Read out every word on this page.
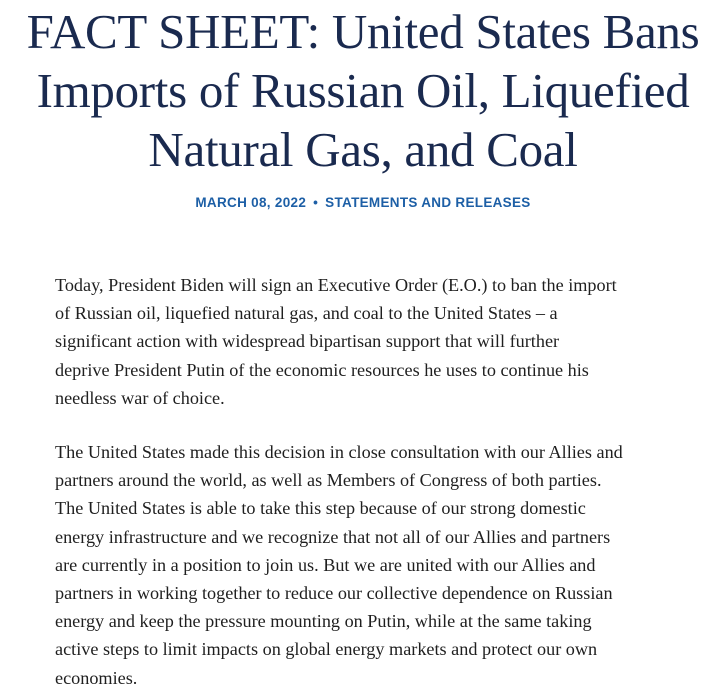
FACT SHEET: United States Bans
Imports of Russian Oil, Liquefied
Natural Gas, and Coal
MARCH 08, 2022 • STATEMENTS AND RELEASES

Today, President Biden will sign an Executive Order (E.O.) to ban the import
of Russian oil, liquefied natural gas, and coal to the United States – a
significant action with widespread bipartisan support that will further
deprive President Putin of the economic resources he uses to continue his
needless war of choice.

The United States made this decision in close consultation with our Allies and
partners around the world, as well as Members of Congress of both parties.
The United States is able to take this step because of our strong domestic
energy infrastructure and we recognize that not all of our Allies and partners
are currently in a position to join us. But we are united with our Allies and
partners in working together to reduce our collective dependence on Russian
energy and keep the pressure mounting on Putin, while at the same taking
active steps to limit impacts on global energy markets and protect our own
economies.
